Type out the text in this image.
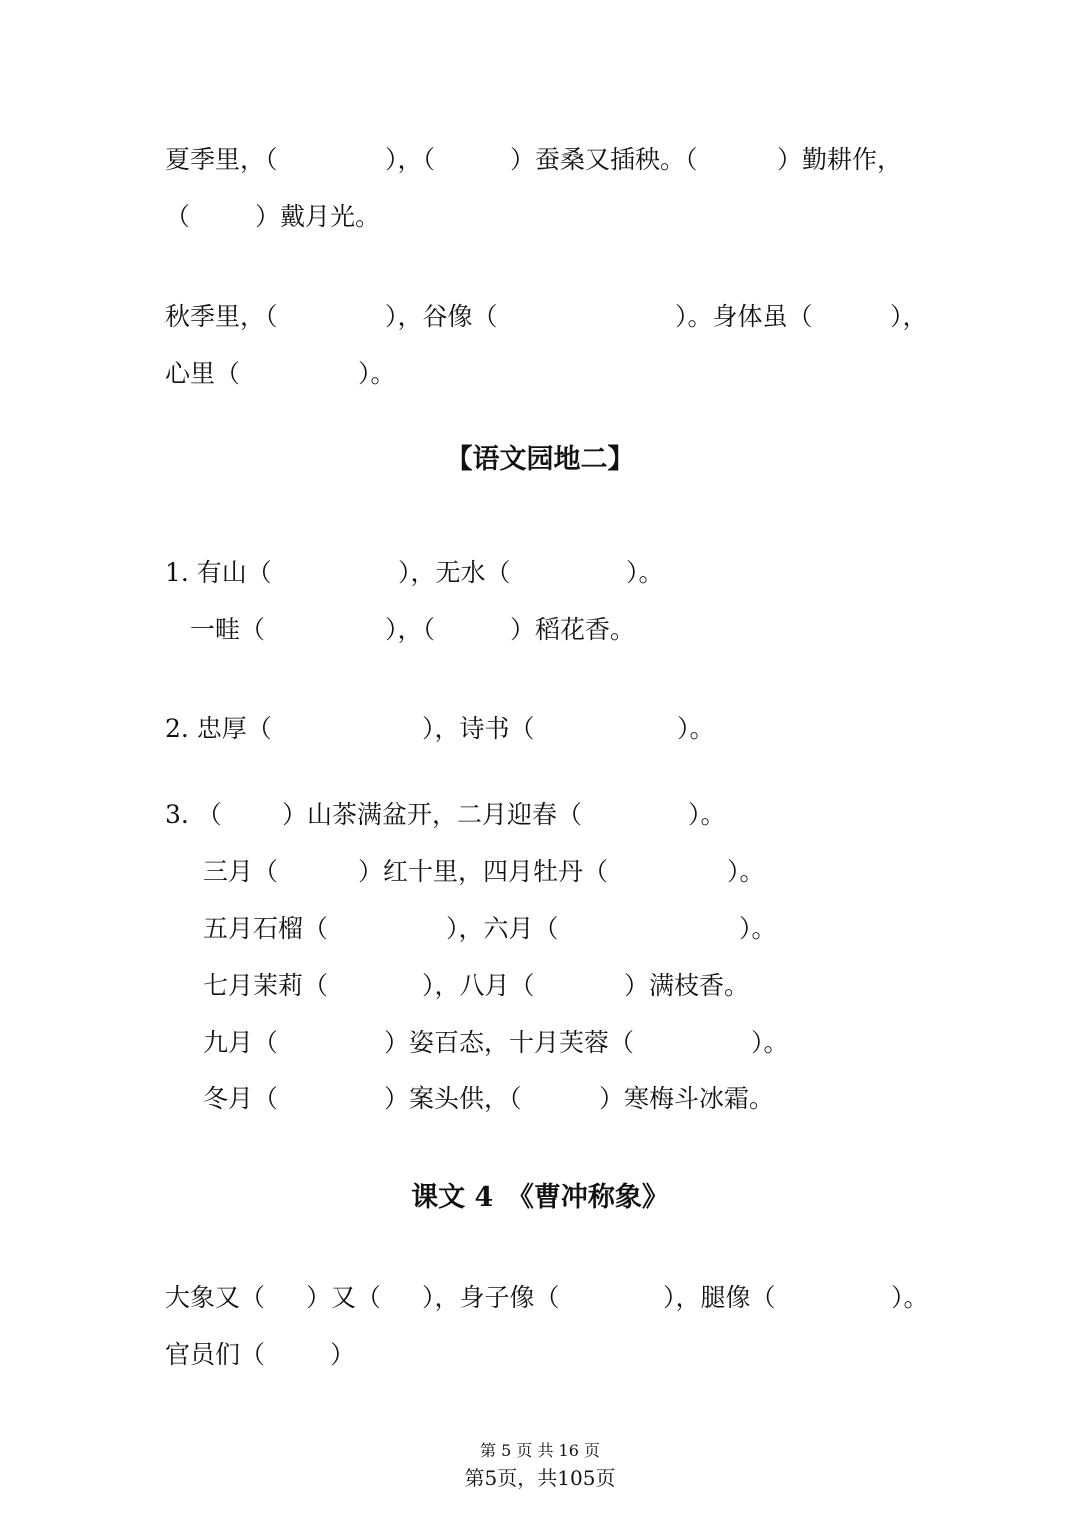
夏季里，（	），（	）蚕桑又插秧。（	）勤耕作，
（	）戴月光。
秋季里，（	），谷像（	）。身体虽（	），
心里（	）。
【语文园地二】
1. 有山（	），无水（	）。
一畦（	），（	）稻花香。
2. 忠厚（	），诗书（	）。
3. （ ）山茶满盆开，二月迎春（	）。
三月（	）红十里，四月牡丹（	）。
五月石榴（	），六月（	）。
七月茉莉（	），八月（	）满枝香。
九月（	）姿百态，十月芙蓉（	）。
冬月（	）案头供，（	）寒梅斗冰霜。
课文 4　《曹冲称象》
大象又（ ）又（ ），身子像（	），腿像（	）。
官员们（	）
第 5 页 共 16 页
第5页，共105页
